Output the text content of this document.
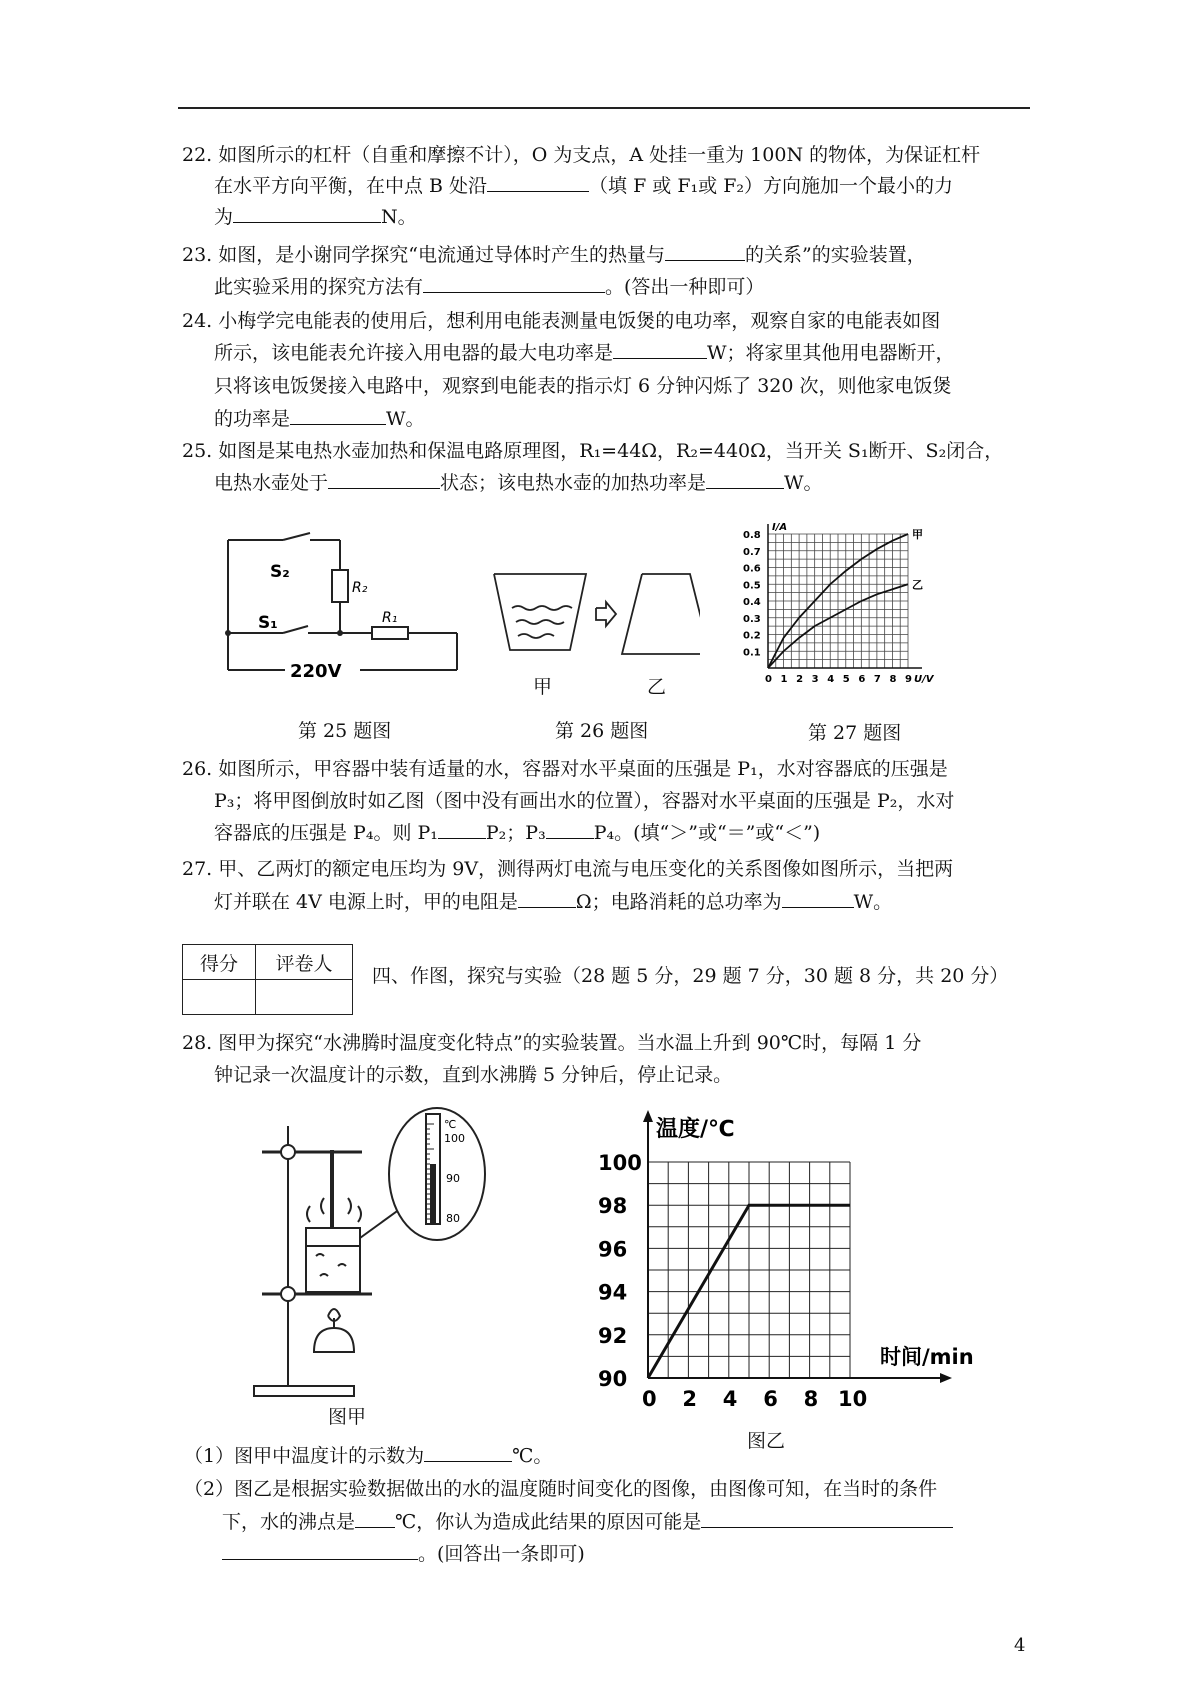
22. 如图所示的杠杆（自重和摩擦不计），O 为支点，A 处挂一重为 100N 的物体，为保证杠杆
在水平方向平衡，在中点 B 处沿	（填 F 或 F₁或 F₂）方向施加一个最小的力
为	N。
23. 如图，是小谢同学探究“电流通过导体时产生的热量与	的关系”的实验装置，
此实验采用的探究方法有	。(答出一种即可）
24. 小梅学完电能表的使用后，想利用电能表测量电饭煲的电功率，观察自家的电能表如图
所示，该电能表允许接入用电器的最大电功率是	W；将家里其他用电器断开，
只将该电饭煲接入电路中，观察到电能表的指示灯 6 分钟闪烁了 320 次，则他家电饭煲
的功率是	W。
25. 如图是某电热水壶加热和保温电路原理图，R₁=44Ω，R₂=440Ω，当开关 S₁断开、S₂闭合，
电热水壶处于	状态；该电热水壶的加热功率是	W。
S₂
S₁
R₂
R₁
220V
第 25 题图
甲	乙
第 26 题图
0 1 2 3 4 5 6 7 8 9
0.1
0.2
0.3
0.4
0.5
0.6
0.7
0.8
I/A
U/V
甲
乙
第 27 题图
26. 如图所示，甲容器中装有适量的水，容器对水平桌面的压强是 P₁，水对容器底的压强是
P₃；将甲图倒放时如乙图（图中没有画出水的位置），容器对水平桌面的压强是 P₂，水对
容器底的压强是 P₄。则 P₁	P₂；P₃	P₄。(填“＞”或“＝”或“＜”)
27. 甲、乙两灯的额定电压均为 9V，测得两灯电流与电压变化的关系图像如图所示，当把两
灯并联在 4V 电源上时，甲的电阻是	Ω；电路消耗的总功率为	W。
得分	评卷人

四、作图，探究与实验（28 题 5 分，29 题 7 分，30 题 8 分，共 20 分）
28. 图甲为探究“水沸腾时温度变化特点”的实验装置。当水温上升到 90℃时，每隔 1 分
钟记录一次温度计的示数，直到水沸腾 5 分钟后，停止记录。
℃
100
90
80
图甲
0 2 4 6 8 10
90
92
94
96
98
100
温度/℃
时间/min
图乙
（1）图甲中温度计的示数为	℃。
（2）图乙是根据实验数据做出的水的温度随时间变化的图像，由图像可知，在当时的条件
下，水的沸点是 ℃，你认为造成此结果的原因可能是
。(回答出一条即可)
4
